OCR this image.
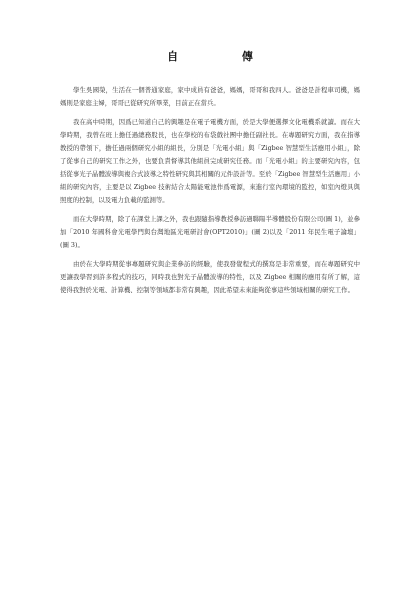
自 傳

學生吳國榮，生活在一個普通家庭，家中成員有爸爸，媽媽，哥哥和我四人。爸爸是計程車司機，媽媽則是家庭主婦，哥哥已從研究所畢業，目前正在當兵。

我在高中時期，因爲已知道自己的興趣是在電子電機方面，於是大學便選擇文化電機系就讀。而在大學時期，我曾在班上擔任過總務股長，也在學校的布袋戲社團中擔任副社長。在專題研究方面，我在指導教授的帶領下，擔任過兩個研究小組的組長，分別是「光電小組」與「Zigbee 智慧型生活應用小組」，除了從事自己的研究工作之外，也要負責督導其他組員完成研究任務。而「光電小組」的主要研究內容，包括從事光子晶體波導與複合式波導之特性研究與其相關的元件設計等。至於「Zigbee 智慧型生活應用」小組的研究內容，主要是以 Zigbee 技術結合太陽能電池作爲電源，來進行室內環境的監控，如室內燈具與照度的控制，以及電力負載的監測等。

而在大學時期，除了在課堂上課之外，我也跟隨指導教授參訪過聯陽半導體股份有限公司(圖 1)，並參加「2010 年國科會光電學門與台灣地區光電研討會(OPT2010)」(圖 2)以及「2011 年民生電子論壇」(圖 3)。

由於在大學時期從事專題研究與企業參訪的經驗，使我發覺程式的撰寫是非常重要，而在專題研究中更讓我學習到許多程式的技巧，同時我也對光子晶體波導的特性，以及 Zigbee 相關的應用有所了解，這使得我對於光電、計算機、控制等領域都非常有興趣，因此希望未來能夠從事這些領域相關的研究工作。
